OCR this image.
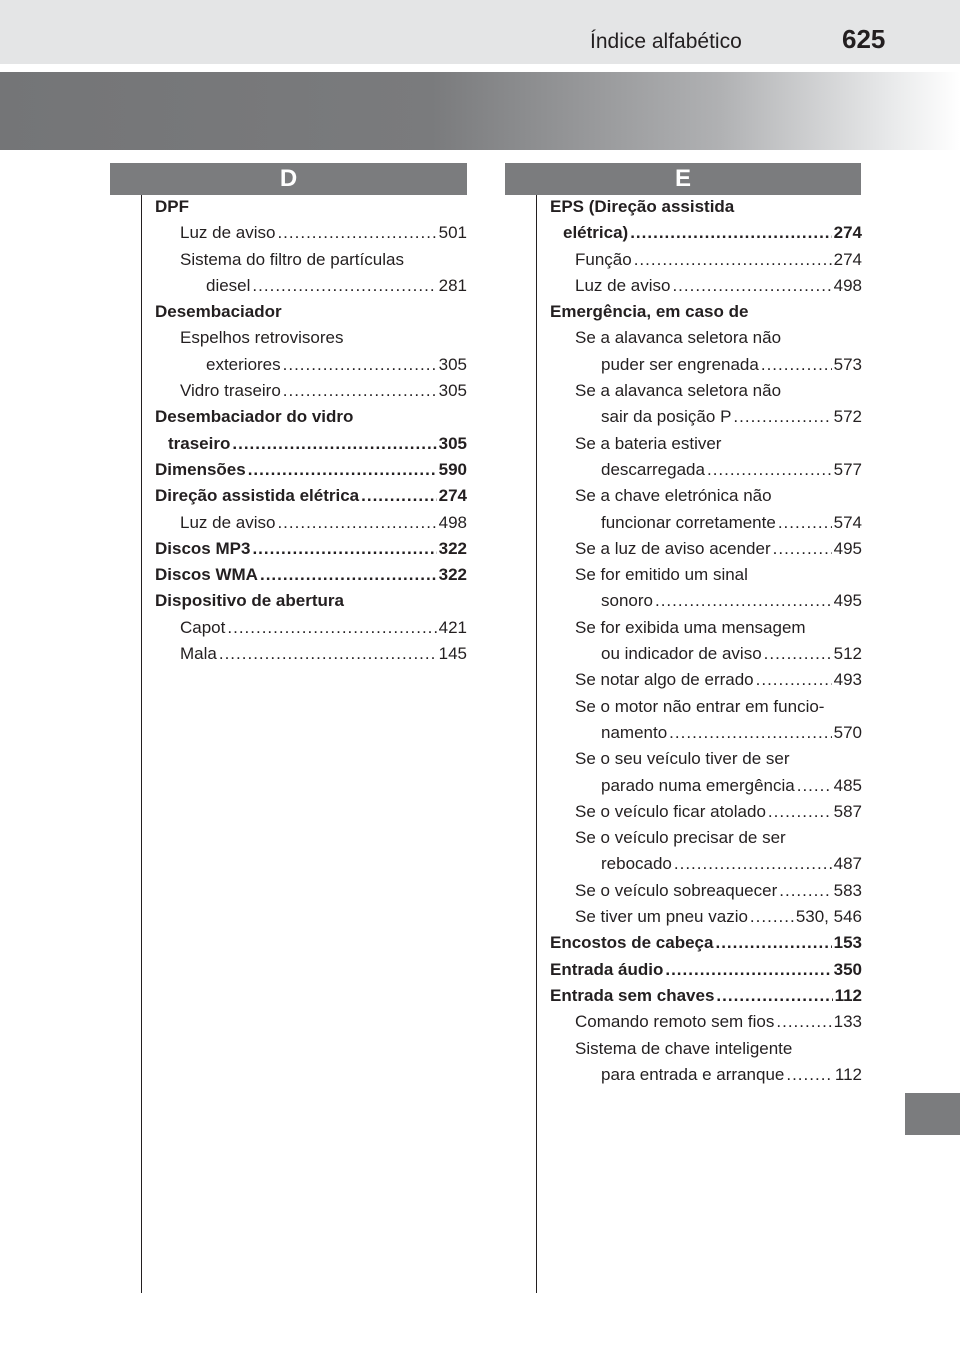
Índice alfabético	625
D	E
DPF
Luz de aviso .....	501
Sistema do filtro de partículas
diesel .....	281
Desembaciador
Espelhos retrovisores
exteriores .....	305
Vidro traseiro .....	305
Desembaciador do vidro
traseiro .....	305
Dimensões .....	590
Direção assistida elétrica .....	274
Luz de aviso .....	498
Discos MP3 .....	322
Discos WMA .....	322
Dispositivo de abertura
Capot .....	421
Mala .....	145
EPS (Direção assistida
elétrica) .....	274
Função .....	274
Luz de aviso .....	498
Emergência, em caso de
Se a alavanca seletora não
puder ser engrenada .....	573
Se a alavanca seletora não
sair da posição P .....	572
Se a bateria estiver
descarregada .....	577
Se a chave eletrónica não
funcionar corretamente .....	574
Se a luz de aviso acender .....	495
Se for emitido um sinal
sonoro .....	495
Se for exibida uma mensagem
ou indicador de aviso .....	512
Se notar algo de errado .....	493
Se o motor não entrar em funcio-
namento .....	570
Se o seu veículo tiver de ser
parado numa emergência ..... 485
Se o veículo ficar atolado .....	587
Se o veículo precisar de ser
rebocado .....	487
Se o veículo sobreaquecer .....	583
Se tiver um pneu vazio .....	530, 546
Encostos de cabeça .....	153
Entrada áudio .....	350
Entrada sem chaves .....	112
Comando remoto sem fios .....	133
Sistema de chave inteligente
para entrada e arranque .....	112
